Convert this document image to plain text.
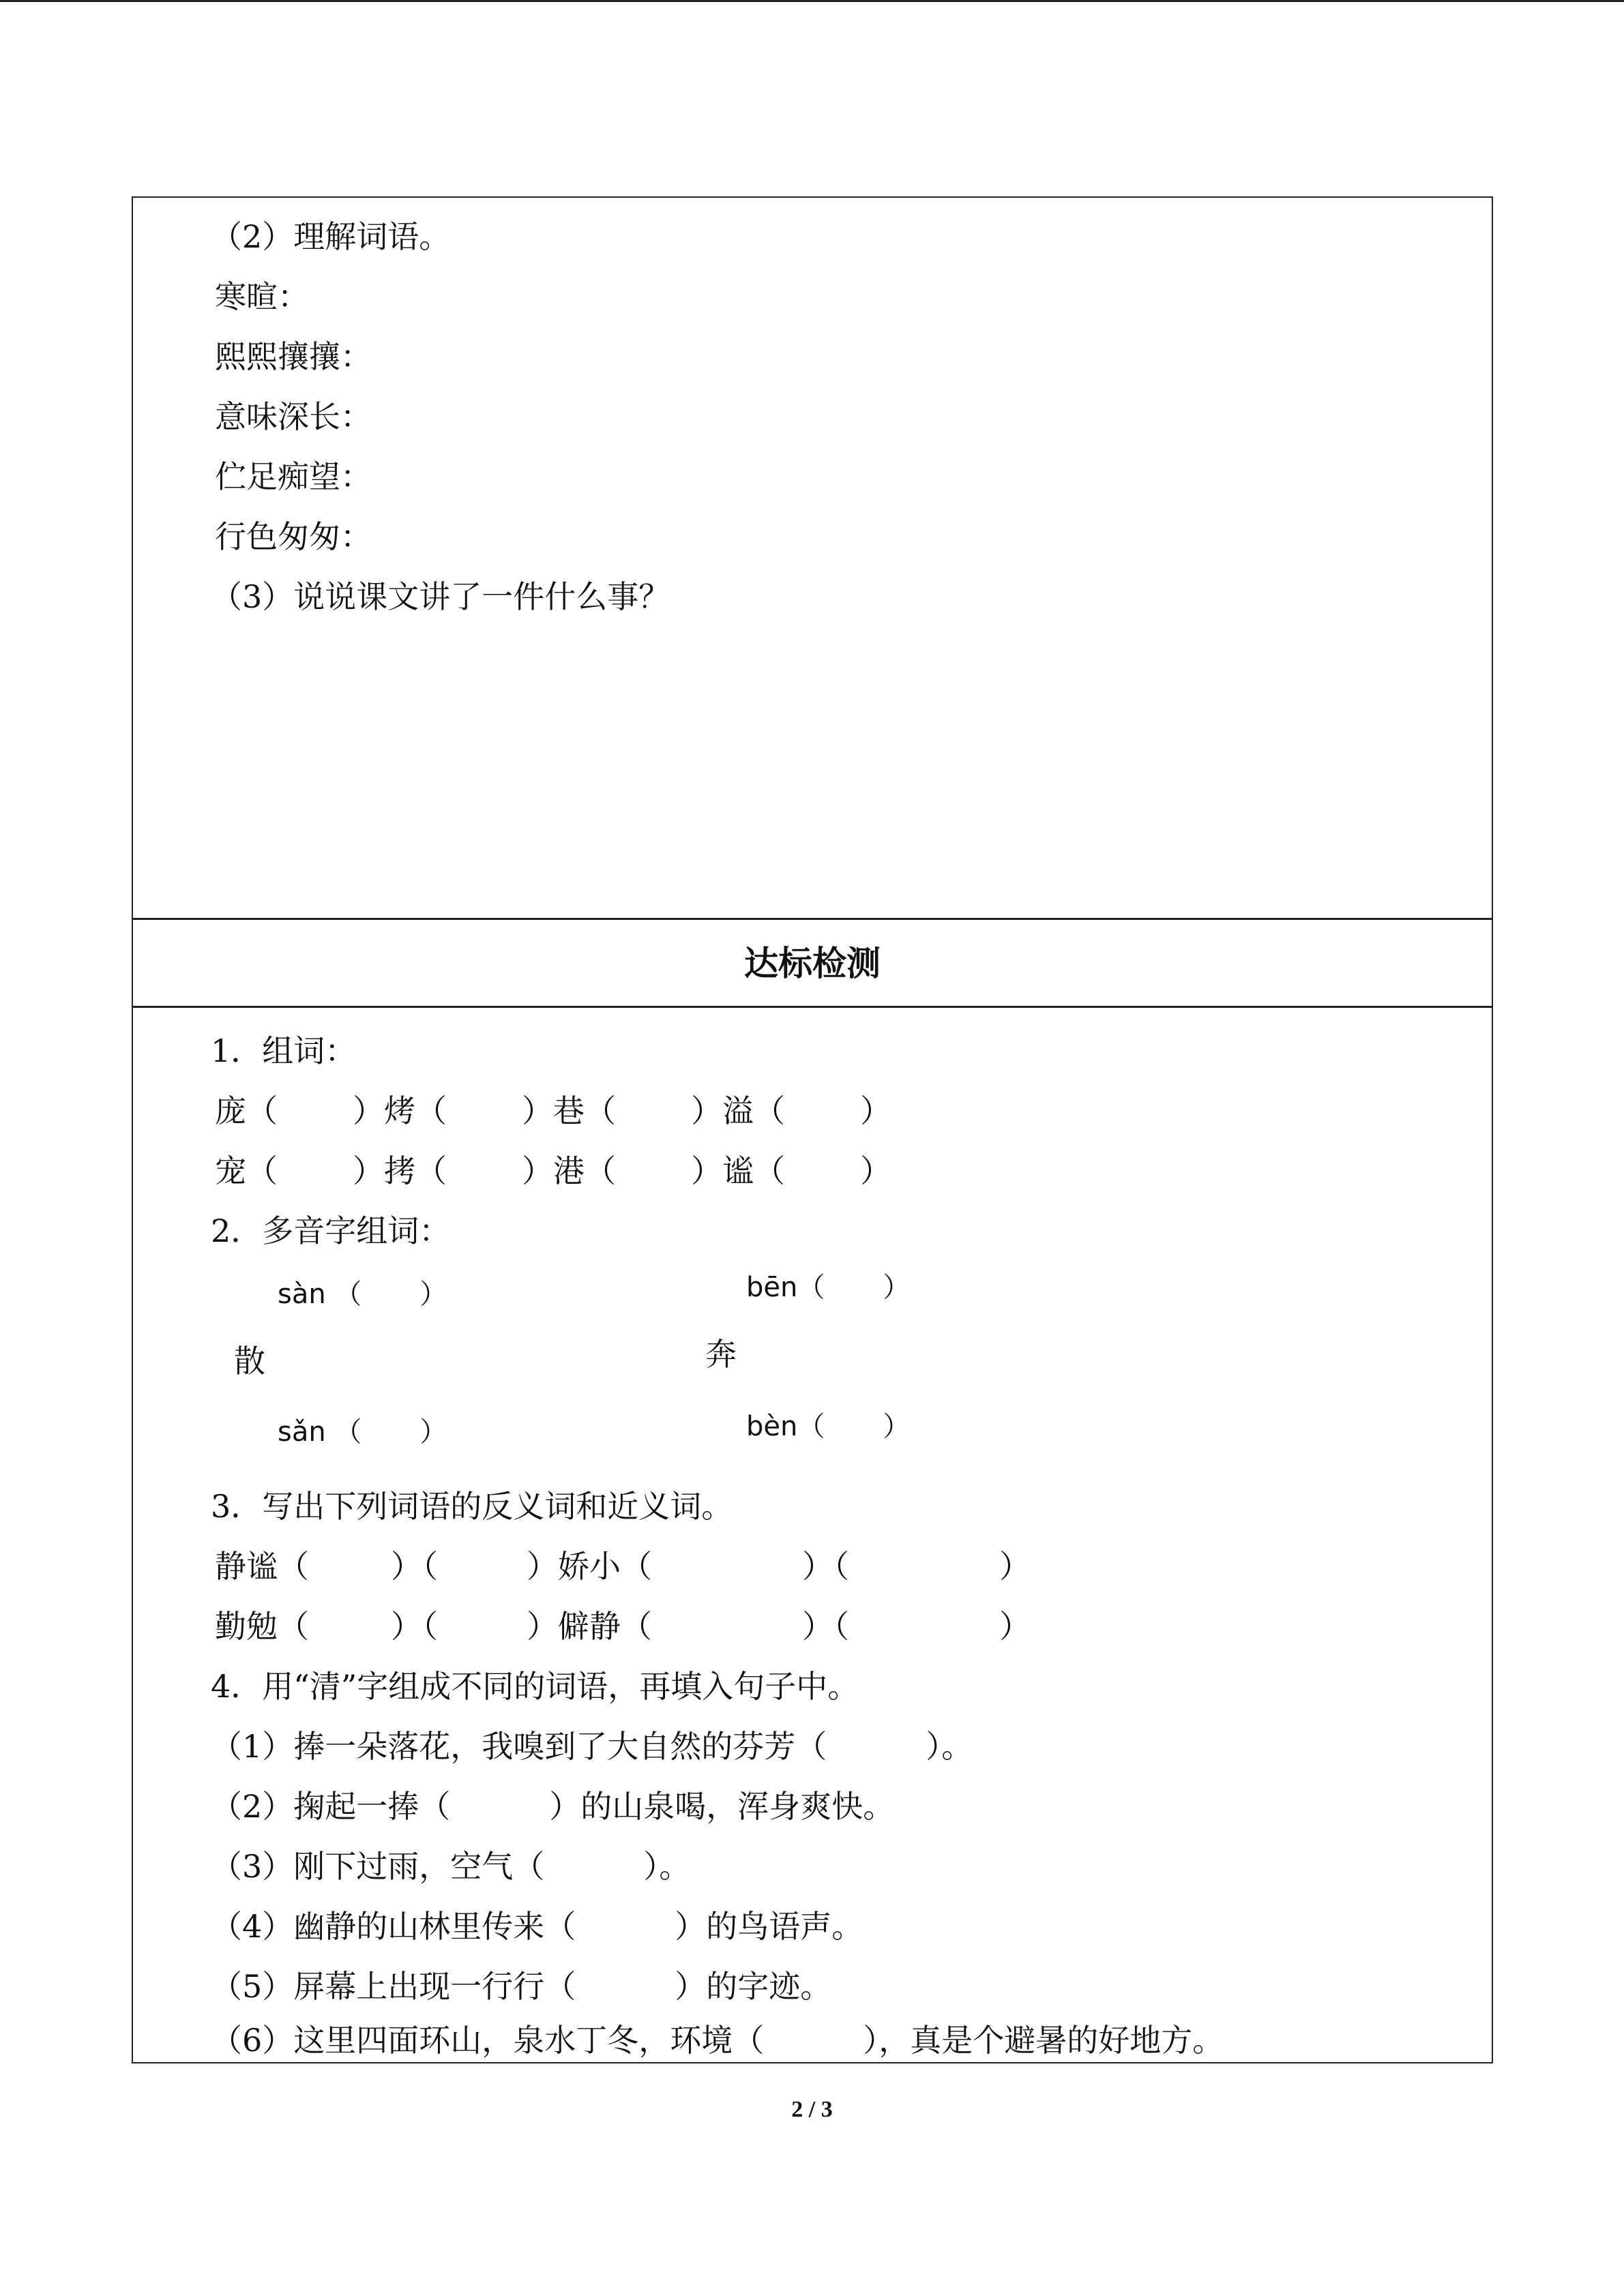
（2）理解词语。
寒暄：
熙熙攘攘：
意味深长：
伫足痴望：
行色匆匆：
（3）说说课文讲了一件什么事？
达标检测
1．组词：
庞（ ）烤（ ）巷（ ）溢（ ）
宠（ ）拷（ ）港（ ）谧（ ）
2．多音字组词：
sàn （ ）
散
sǎn （ ）
bēn（ ）
奔
bèn（ ）
3．写出下列词语的反义词和近义词。
静谧（	）（	）娇小（	）（	）
勤勉（	）（	）僻静（	）（	）
4．用“清”字组成不同的词语，再填入句子中。
（1）捧一朵落花，我嗅到了大自然的芬芳（	）。
（2）掬起一捧（	）的山泉喝，浑身爽快。
（3）刚下过雨，空气（	）。
（4）幽静的山林里传来（	）的鸟语声。
（5）屏幕上出现一行行（	）的字迹。
（6）这里四面环山，泉水丁冬，环境（	），真是个避暑的好地方。
2 / 3
